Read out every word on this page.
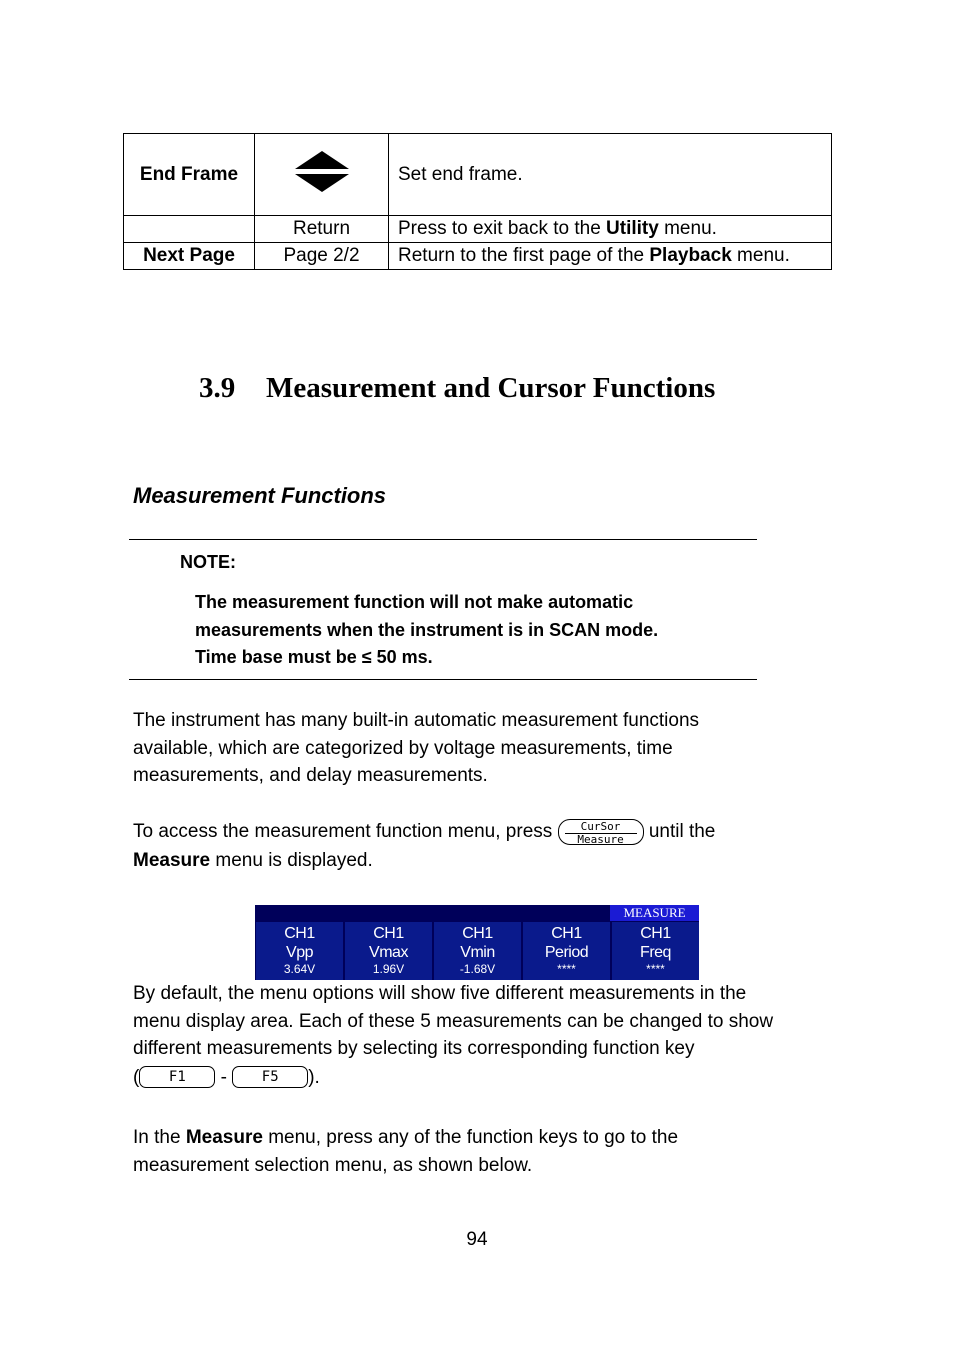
End Frame		Set end frame.
	Return	Press to exit back to the Utility menu.
Next Page	Page 2/2	Return to the first page of the Playback menu.
3.9 Measurement and Cursor Functions
Measurement Functions
NOTE:
The measurement function will not make automatic
measurements when the instrument is in SCAN mode.
Time base must be ≤ 50 ms.
The instrument has many built-in automatic measurement functions
available, which are categorized by voltage measurements, time
measurements, and delay measurements.
To access the measurement function menu, press	CurSor
Measure	until the
Measure menu is displayed.
MEASURE
CH1
Vpp
3.64V
CH1
Vmax
1.96V
CH1
Vmin
-1.68V
CH1
Period
****
CH1
Freq
****
By default, the menu options will show five different measurements in the
menu display area. Each of these 5 measurements can be changed to show
different measurements by selecting its corresponding function key
( F1 - F5 ).
In the Measure menu, press any of the function keys to go to the
measurement selection menu, as shown below.
94
